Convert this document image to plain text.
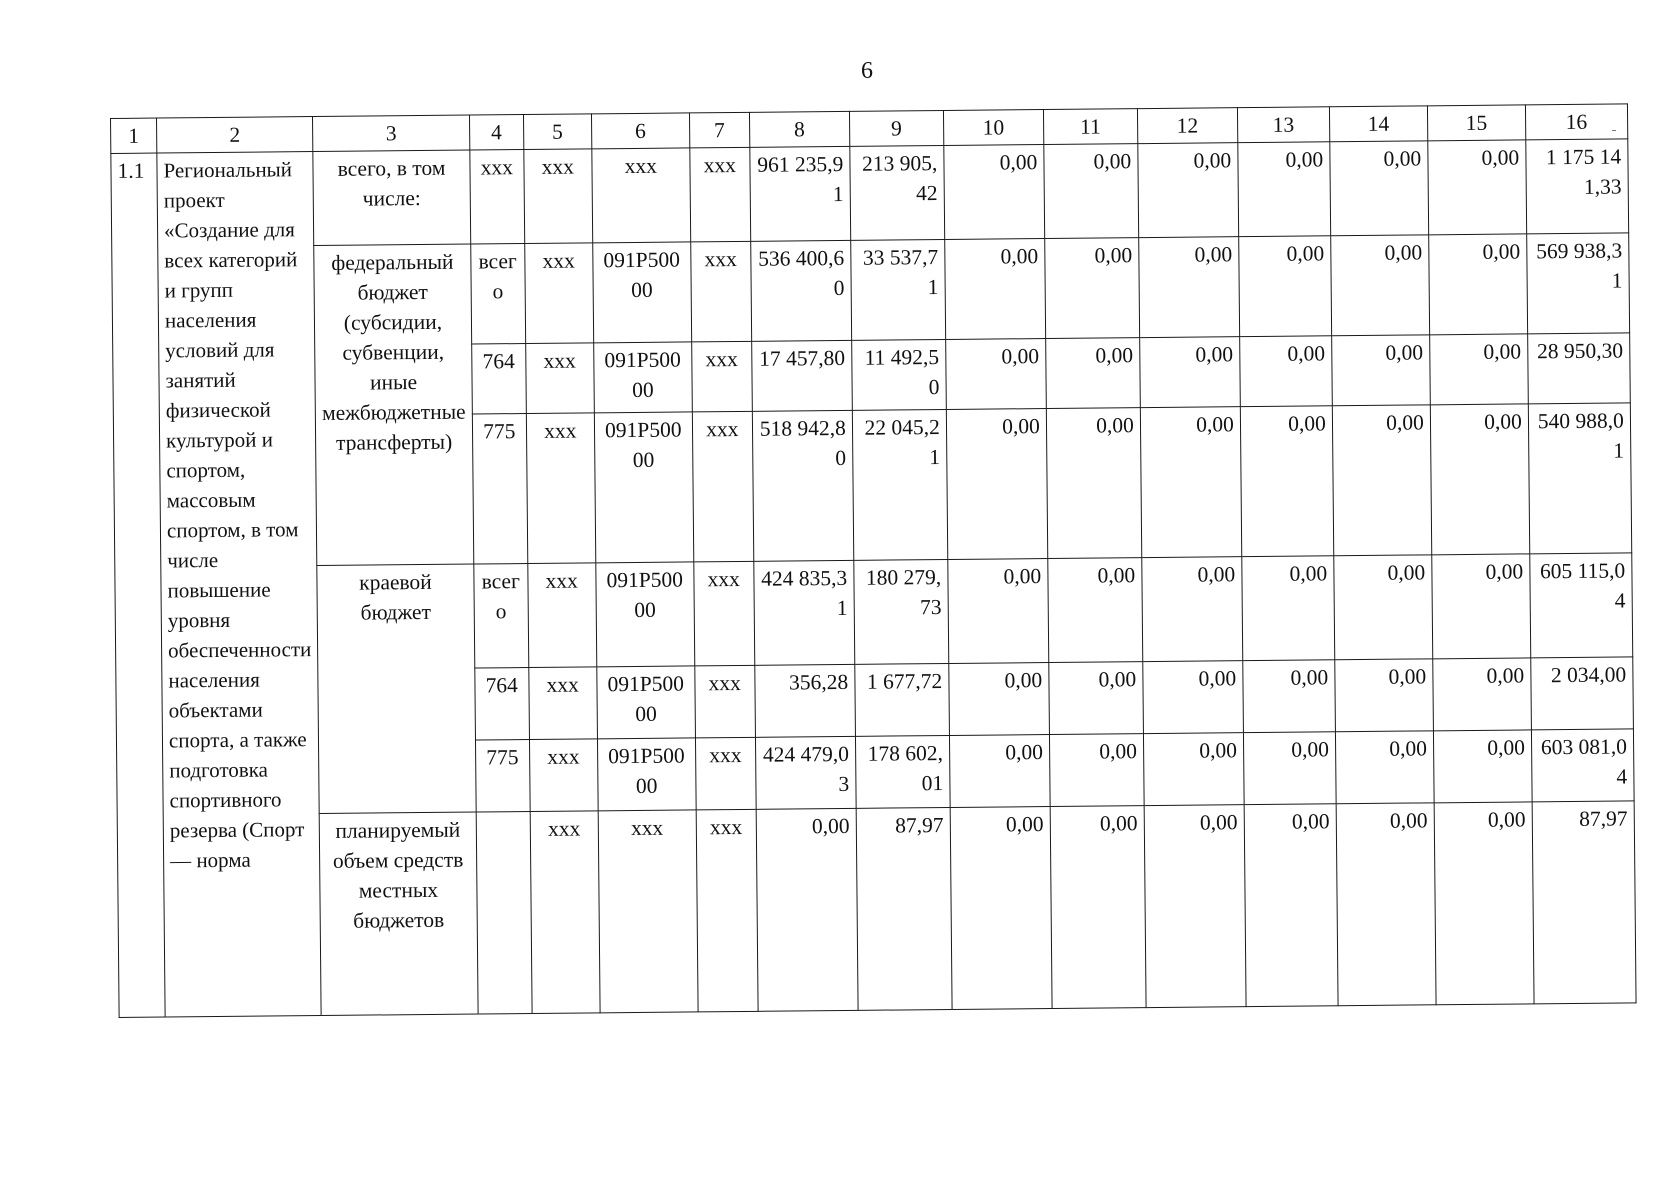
6
1	2	3	4	5	6	7	8	9	10	11	12	13	14	15	16
1.1	Региональный проект «Создание для всех категорий и групп населения условий для занятий физической культурой и спортом, массовым спортом, в том числе повышение уровня обеспеченности населения объектами спорта, а также подготовка спортивного резерва (Спорт — норма	всего, в том числе:	ххх	ххх	ххх	ххх	961 235,91	213 905,42	0,00	0,00	0,00	0,00	0,00	0,00	1 175 141,33
		федеральный бюджет (субсидии, субвенции, иные межбюджетные трансферты)	всего	ххх	091P50000	ххх	536 400,60	33 537,71	0,00	0,00	0,00	0,00	0,00	0,00	569 938,31
			764	ххх	091P50000	ххх	17 457,80	11 492,50	0,00	0,00	0,00	0,00	0,00	0,00	28 950,30
			775	ххх	091P50000	ххх	518 942,80	22 045,21	0,00	0,00	0,00	0,00	0,00	0,00	540 988,01
		краевой бюджет	всего	ххх	091P50000	ххх	424 835,31	180 279,73	0,00	0,00	0,00	0,00	0,00	0,00	605 115,04
			764	ххх	091P50000	ххх	356,28	1 677,72	0,00	0,00	0,00	0,00	0,00	0,00	2 034,00
			775	ххх	091P50000	ххх	424 479,03	178 602,01	0,00	0,00	0,00	0,00	0,00	0,00	603 081,04
		планируемый объем средств местных бюджетов		ххх	ххх	ххх	0,00	87,97	0,00	0,00	0,00	0,00	0,00	0,00	87,97
